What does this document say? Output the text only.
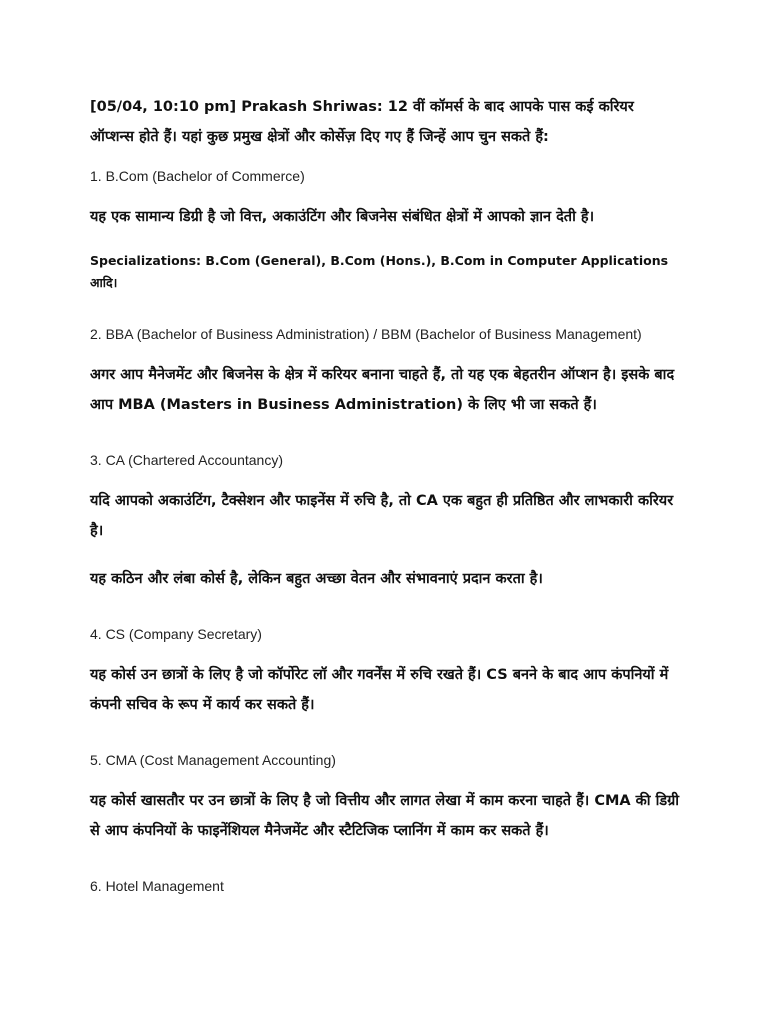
[05/04, 10:10 pm] Prakash Shriwas: 12 वीं कॉमर्स के बाद आपके पास कई करियर ऑप्शन्स होते हैं। यहां कुछ प्रमुख क्षेत्रों और कोर्सेज़ दिए गए हैं जिन्हें आप चुन सकते हैं:

1. B.Com (Bachelor of Commerce)

यह एक सामान्य डिग्री है जो वित्त, अकाउंटिंग और बिजनेस संबंधित क्षेत्रों में आपको ज्ञान देती है।

Specializations: B.Com (General), B.Com (Hons.), B.Com in Computer Applications आदि।

2. BBA (Bachelor of Business Administration) / BBM (Bachelor of Business Management)

अगर आप मैनेजमेंट और बिजनेस के क्षेत्र में करियर बनाना चाहते हैं, तो यह एक बेहतरीन ऑप्शन है। इसके बाद आप MBA (Masters in Business Administration) के लिए भी जा सकते हैं।

3. CA (Chartered Accountancy)

यदि आपको अकाउंटिंग, टैक्सेशन और फाइनेंस में रुचि है, तो CA एक बहुत ही प्रतिष्ठित और लाभकारी करियर है।

यह कठिन और लंबा कोर्स है, लेकिन बहुत अच्छा वेतन और संभावनाएं प्रदान करता है।

4. CS (Company Secretary)

यह कोर्स उन छात्रों के लिए है जो कॉर्पोरेट लॉ और गवर्नेंस में रुचि रखते हैं। CS बनने के बाद आप कंपनियों में कंपनी सचिव के रूप में कार्य कर सकते हैं।

5. CMA (Cost Management Accounting)

यह कोर्स खासतौर पर उन छात्रों के लिए है जो वित्तीय और लागत लेखा में काम करना चाहते हैं। CMA की डिग्री से आप कंपनियों के फाइनेंशियल मैनेजमेंट और स्टैटिजिक प्लानिंग में काम कर सकते हैं।

6. Hotel Management
